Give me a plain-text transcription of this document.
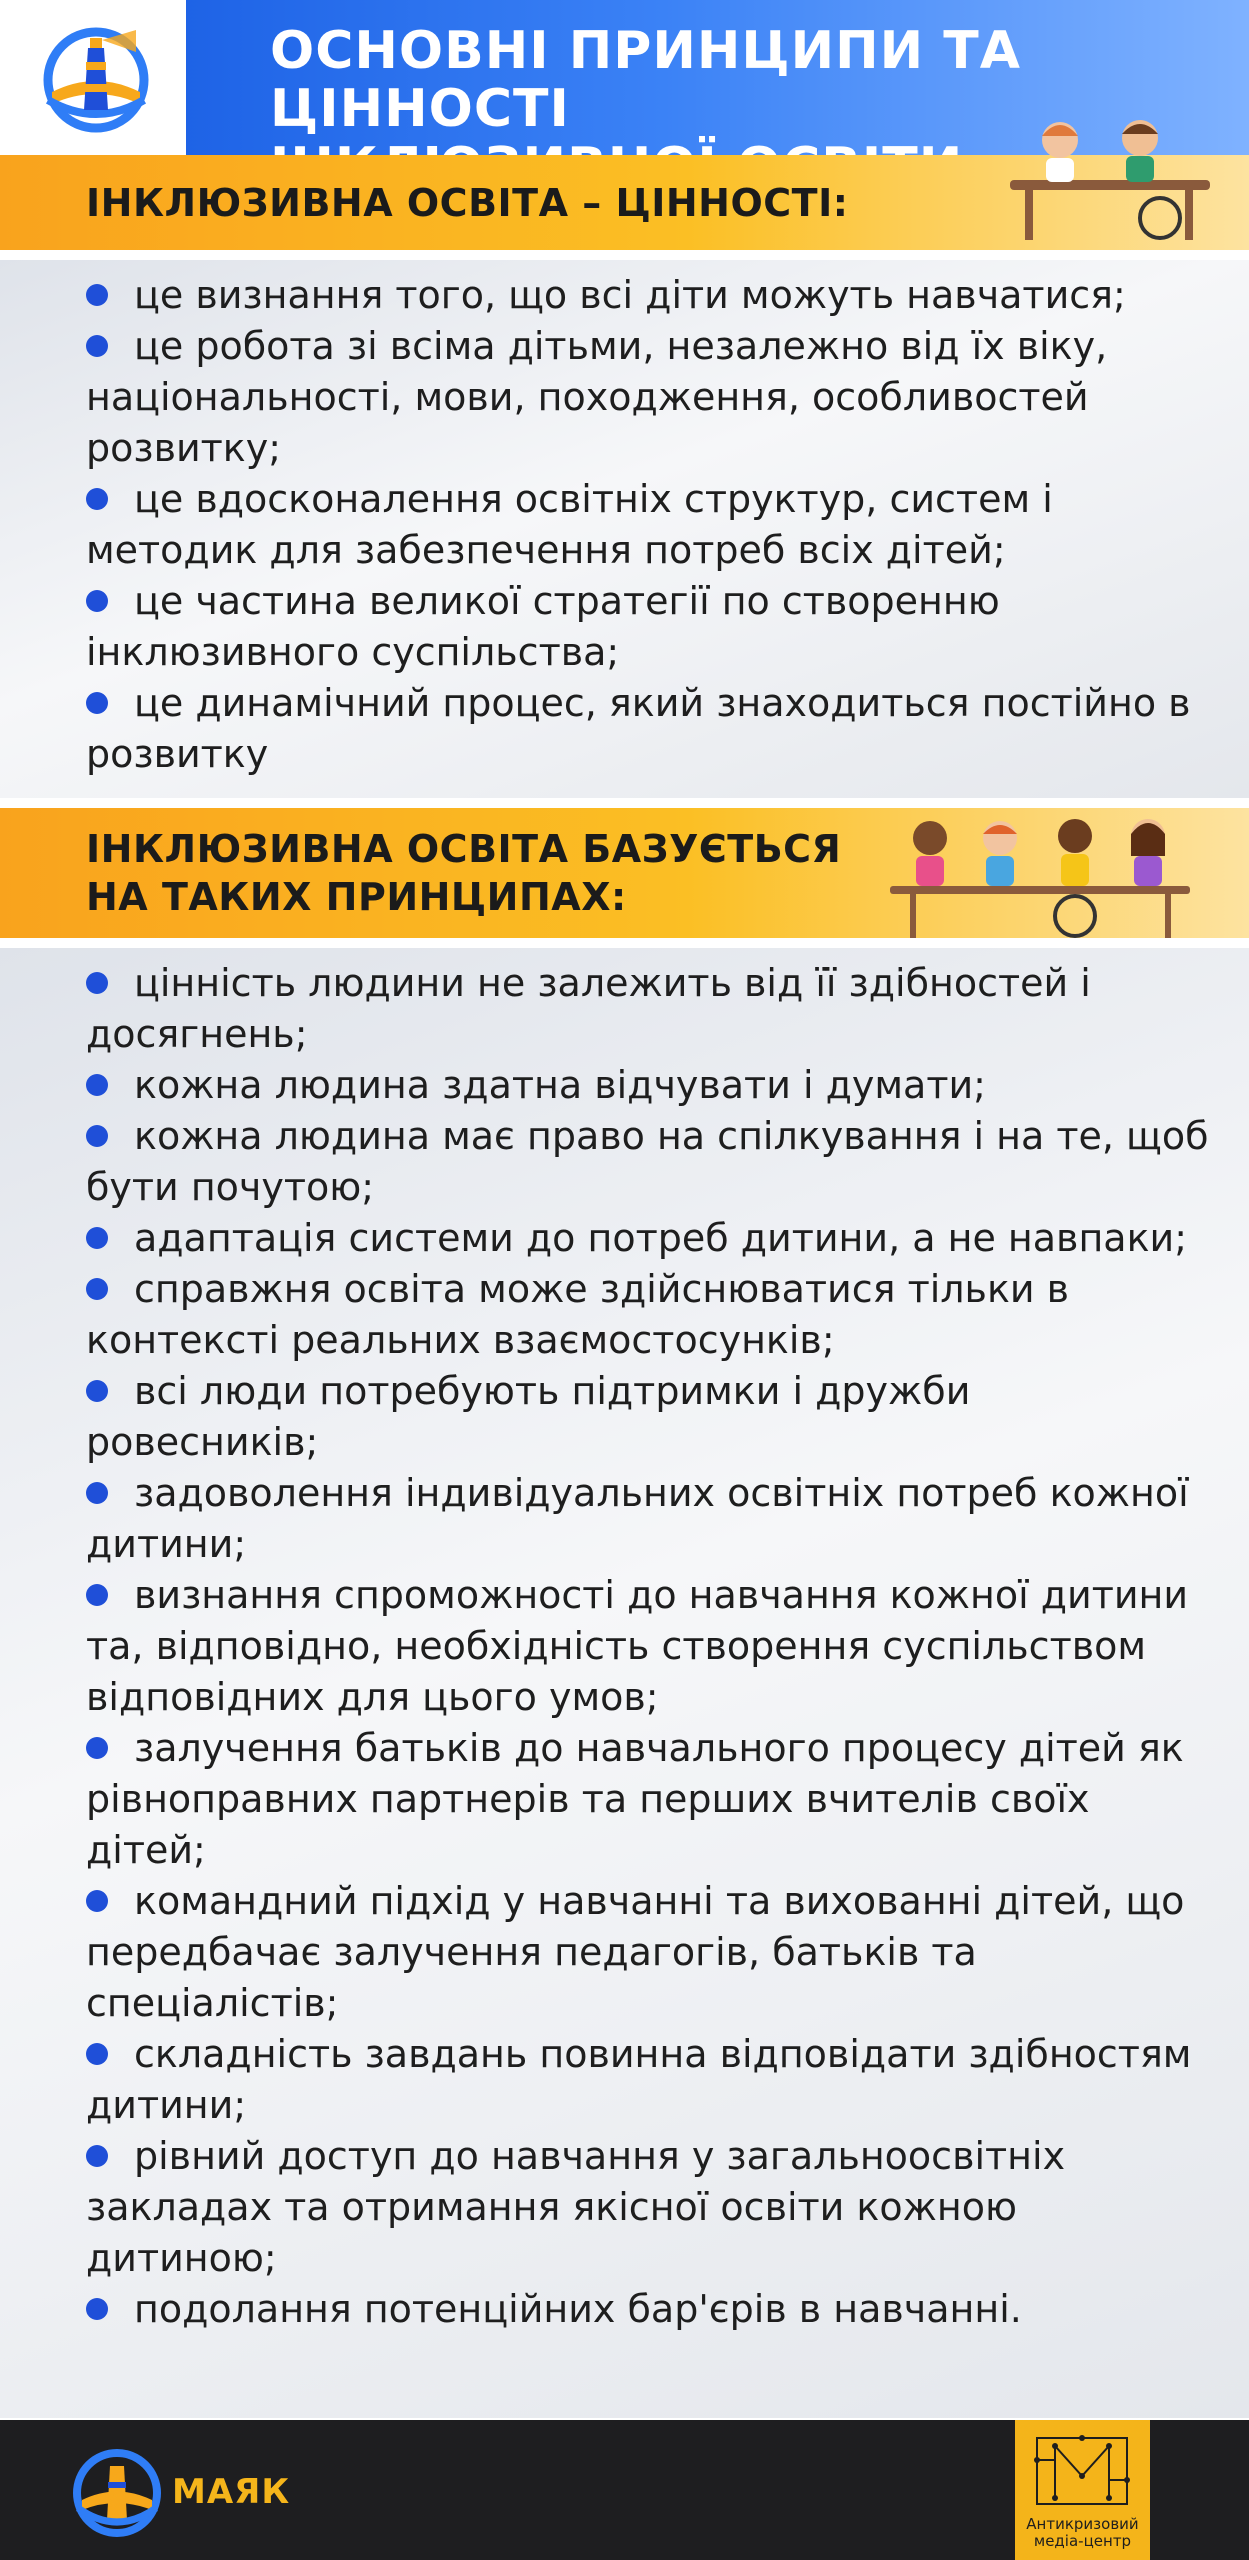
ОСНОВНІ ПРИНЦИПИ ТА ЦІННОСТІ
ІНКЛЮЗИВНА ОСВІТА – ЦІННОСТІ:
це визнання того, що всі діти можуть навчатися;
це робота зі всіма дітьми, незалежно від їх віку, національності, мови, походження, особливостей розвитку;
це вдосконалення освітніх структур, систем і методик для забезпечення потреб всіх дітей;
це частина великої стратегії по створенню інклюзивного суспільства;
це динамічний процес, який знаходиться постійно в розвитку
ІНКЛЮЗИВНА ОСВІТА БАЗУЄТЬСЯ
НА ТАКИХ ПРИНЦИПАХ:
цінність людини не залежить від її здібностей і досягнень;
кожна людина здатна відчувати і думати;
кожна людина має право на спілкування і на те, щоб бути почутою;
адаптація системи до потреб дитини, а не навпаки;
справжня освіта може здійснюватися тільки в контексті реальних взаємостосунків;
всі люди потребують підтримки і дружби ровесників;
задоволення індивідуальних освітніх потреб кожної дитини;
визнання спроможності до навчання кожної дитини та, відповідно, необхідність створення суспільством відповідних для цього умов;
залучення батьків до навчального процесу дітей як рівноправних партнерів та перших вчителів своїх дітей;
командний підхід у навчанні та вихованні дітей, що передбачає залучення педагогів, батьків та спеціалістів;
складність завдань повинна відповідати здібностям дитини;
рівний доступ до навчання у загальноосвітніх закладах та отримання якісної освіти кожною дитиною;
подолання потенційних бар'єрів в навчанні.
МАЯК
Антикризовий
медіа-центр
